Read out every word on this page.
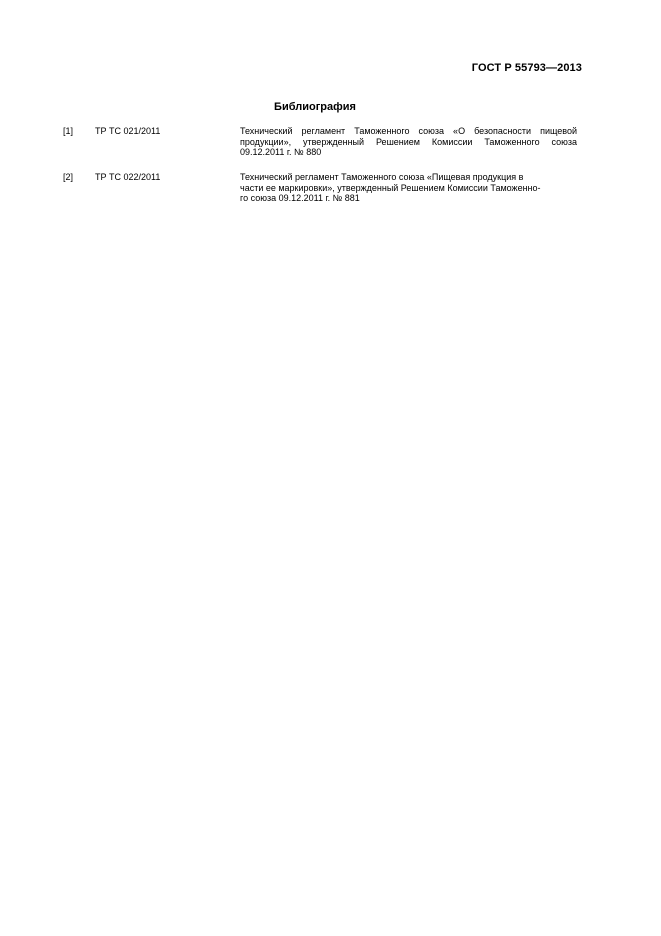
ГОСТ Р 55793—2013
Библиография
[1] ТР ТС 021/2011	Технический регламент Таможенного союза «О безопасности пищевой
продукции», утвержденный Решением Комиссии Таможенного союза
09.12.2011 г. № 880
[2] ТР ТС 022/2011	Технический регламент Таможенного союза «Пищевая продукция в
части ее маркировки», утвержденный Решением Комиссии Таможенно-
го союза 09.12.2011 г. № 881
